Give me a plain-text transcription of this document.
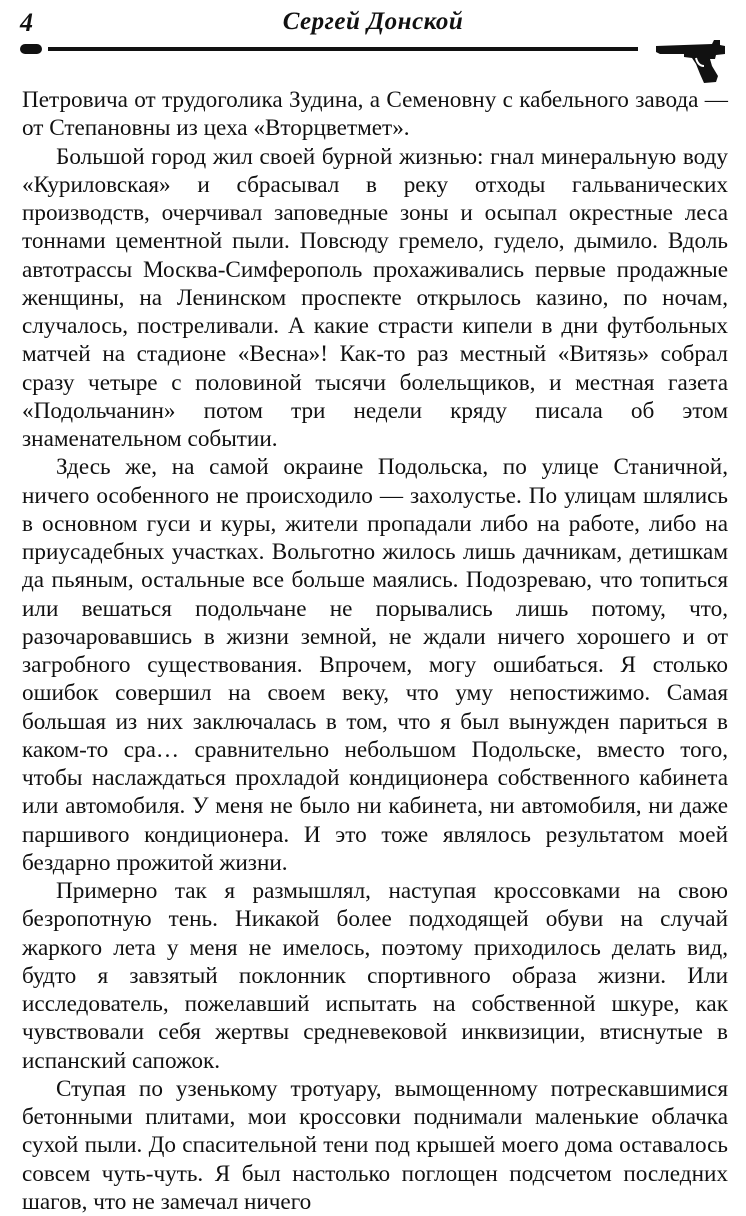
4	Сергей Донской

Петровича от трудоголика Зудина, а Семеновну с кабельного завода — от Степановны из цеха «Вторцветмет».

Большой город жил своей бурной жизнью: гнал минеральную воду «Куриловская» и сбрасывал в реку отходы гальванических производств, очерчивал заповедные зоны и осыпал окрестные леса тоннами цементной пыли. Повсюду гремело, гудело, дымило. Вдоль автотрассы Москва-Симферополь прохаживались первые продажные женщины, на Ленинском проспекте открылось казино, по ночам, случалось, постреливали. А какие страсти кипели в дни футбольных матчей на стадионе «Весна»! Как-то раз местный «Витязь» собрал сразу четыре с половиной тысячи болельщиков, и местная газета «Подольчанин» потом три недели кряду писала об этом знаменательном событии.

Здесь же, на самой окраине Подольска, по улице Станичной, ничего особенного не происходило — захолустье. По улицам шлялись в основном гуси и куры, жители пропадали либо на работе, либо на приусадебных участках. Вольготно жилось лишь дачникам, детишкам да пьяным, остальные все больше маялись. Подозреваю, что топиться или вешаться подольчане не порывались лишь потому, что, разочаровавшись в жизни земной, не ждали ничего хорошего и от загробного существования. Впрочем, могу ошибаться. Я столько ошибок совершил на своем веку, что уму непостижимо. Самая большая из них заключалась в том, что я был вынужден париться в каком-то сра… сравнительно небольшом Подольске, вместо того, чтобы наслаждаться прохладой кондиционера собственного кабинета или автомобиля. У меня не было ни кабинета, ни автомобиля, ни даже паршивого кондиционера. И это тоже являлось результатом моей бездарно прожитой жизни.

Примерно так я размышлял, наступая кроссовками на свою безропотную тень. Никакой более подходящей обуви на случай жаркого лета у меня не имелось, поэтому приходилось делать вид, будто я завзятый поклонник спортивного образа жизни. Или исследователь, пожелавший испытать на собственной шкуре, как чувствовали себя жертвы средневековой инквизиции, втиснутые в испанский сапожок.

Ступая по узенькому тротуару, вымощенному потрескавшимися бетонными плитами, мои кроссовки поднимали маленькие облачка сухой пыли. До спасительной тени под крышей моего дома оставалось совсем чуть-чуть. Я был настолько поглощен подсчетом последних шагов, что не замечал ничего
